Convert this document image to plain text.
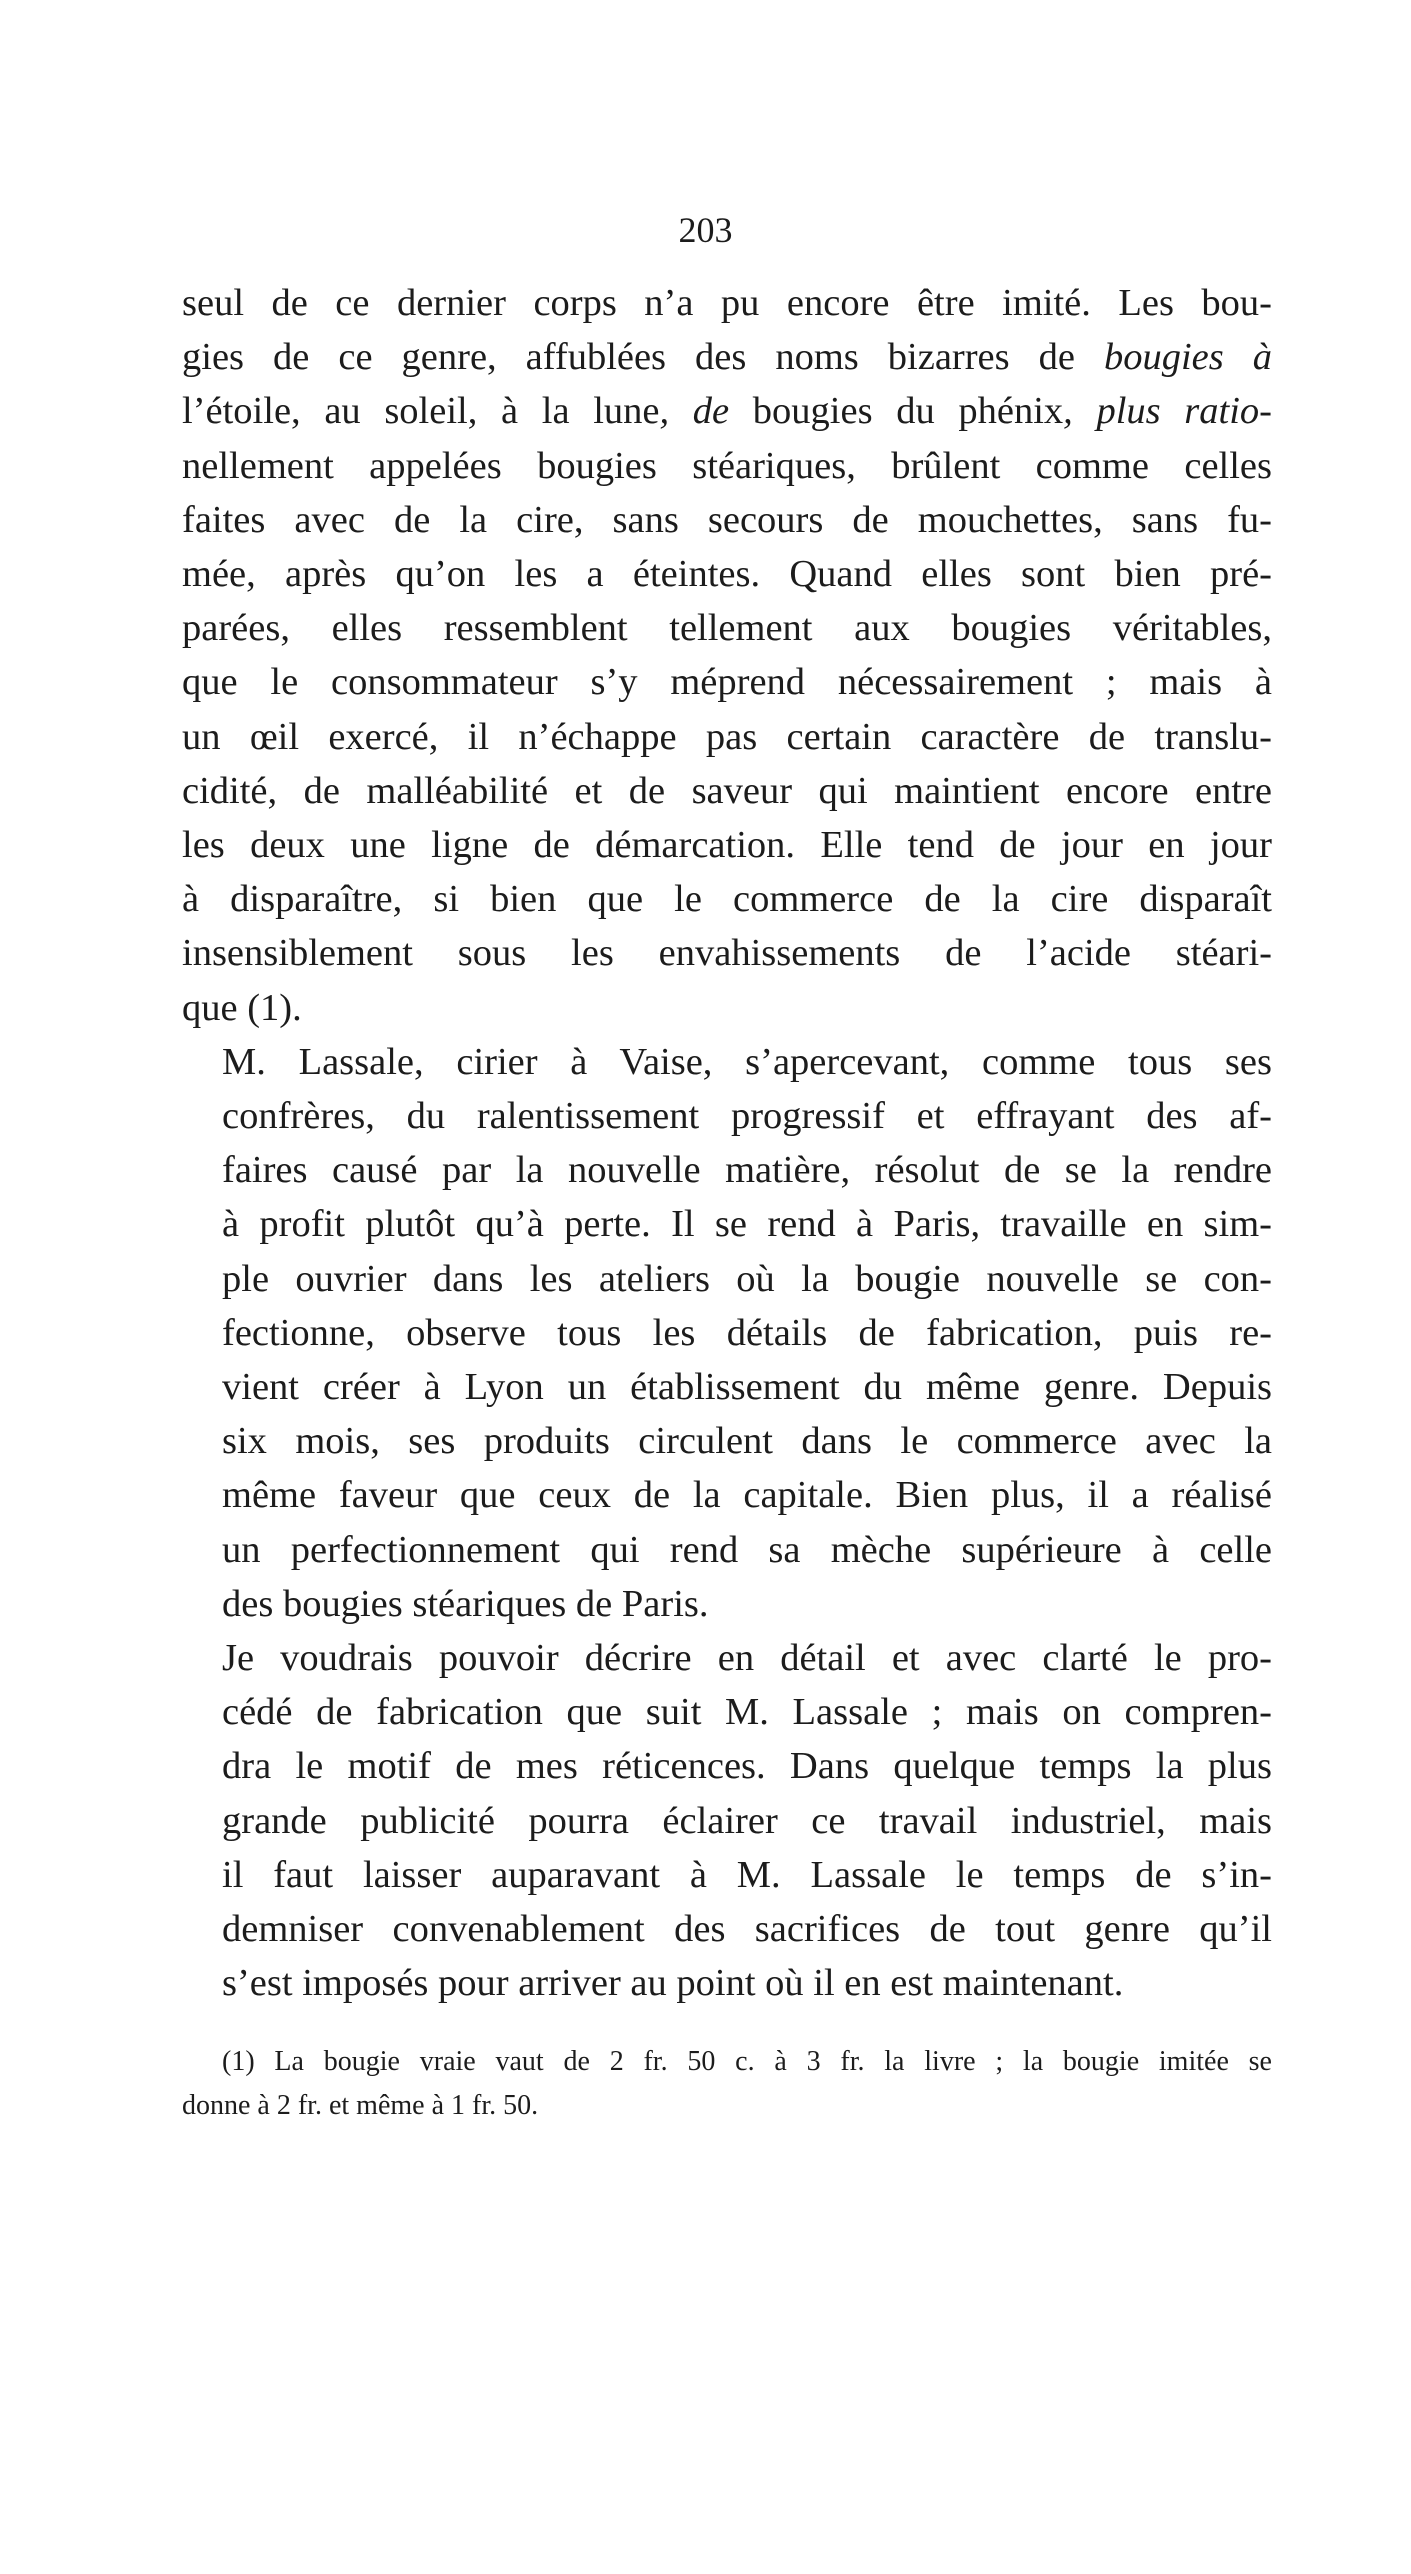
203

seul de ce dernier corps n’a pu encore être imité. Les bou-
gies de ce genre, affublées des noms bizarres de bougies à
l’étoile, au soleil, à la lune, de bougies du phénix, plus ratio-
nellement appelées bougies stéariques, brûlent comme celles
faites avec de la cire, sans secours de mouchettes, sans fu-
mée, après qu’on les a éteintes. Quand elles sont bien pré-
parées, elles ressemblent tellement aux bougies véritables,
que le consommateur s’y méprend nécessairement ; mais à
un œil exercé, il n’échappe pas certain caractère de translu-
cidité, de malléabilité et de saveur qui maintient encore entre
les deux une ligne de démarcation. Elle tend de jour en jour
à disparaître, si bien que le commerce de la cire disparaît
insensiblement sous les envahissements de l’acide stéari-
que (1).

M. Lassale, cirier à Vaise, s’apercevant, comme tous ses
confrères, du ralentissement progressif et effrayant des af-
faires causé par la nouvelle matière, résolut de se la rendre
à profit plutôt qu’à perte. Il se rend à Paris, travaille en sim-
ple ouvrier dans les ateliers où la bougie nouvelle se con-
fectionne, observe tous les détails de fabrication, puis re-
vient créer à Lyon un établissement du même genre. Depuis
six mois, ses produits circulent dans le commerce avec la
même faveur que ceux de la capitale. Bien plus, il a réalisé
un perfectionnement qui rend sa mèche supérieure à celle
des bougies stéariques de Paris.

Je voudrais pouvoir décrire en détail et avec clarté le pro-
cédé de fabrication que suit M. Lassale ; mais on compren-
dra le motif de mes réticences. Dans quelque temps la plus
grande publicité pourra éclairer ce travail industriel, mais
il faut laisser auparavant à M. Lassale le temps de s’in-
demniser convenablement des sacrifices de tout genre qu’il
s’est imposés pour arriver au point où il en est maintenant.

(1) La bougie vraie vaut de 2 fr. 50 c. à 3 fr. la livre ; la bougie imitée se
donne à 2 fr. et même à 1 fr. 50.
